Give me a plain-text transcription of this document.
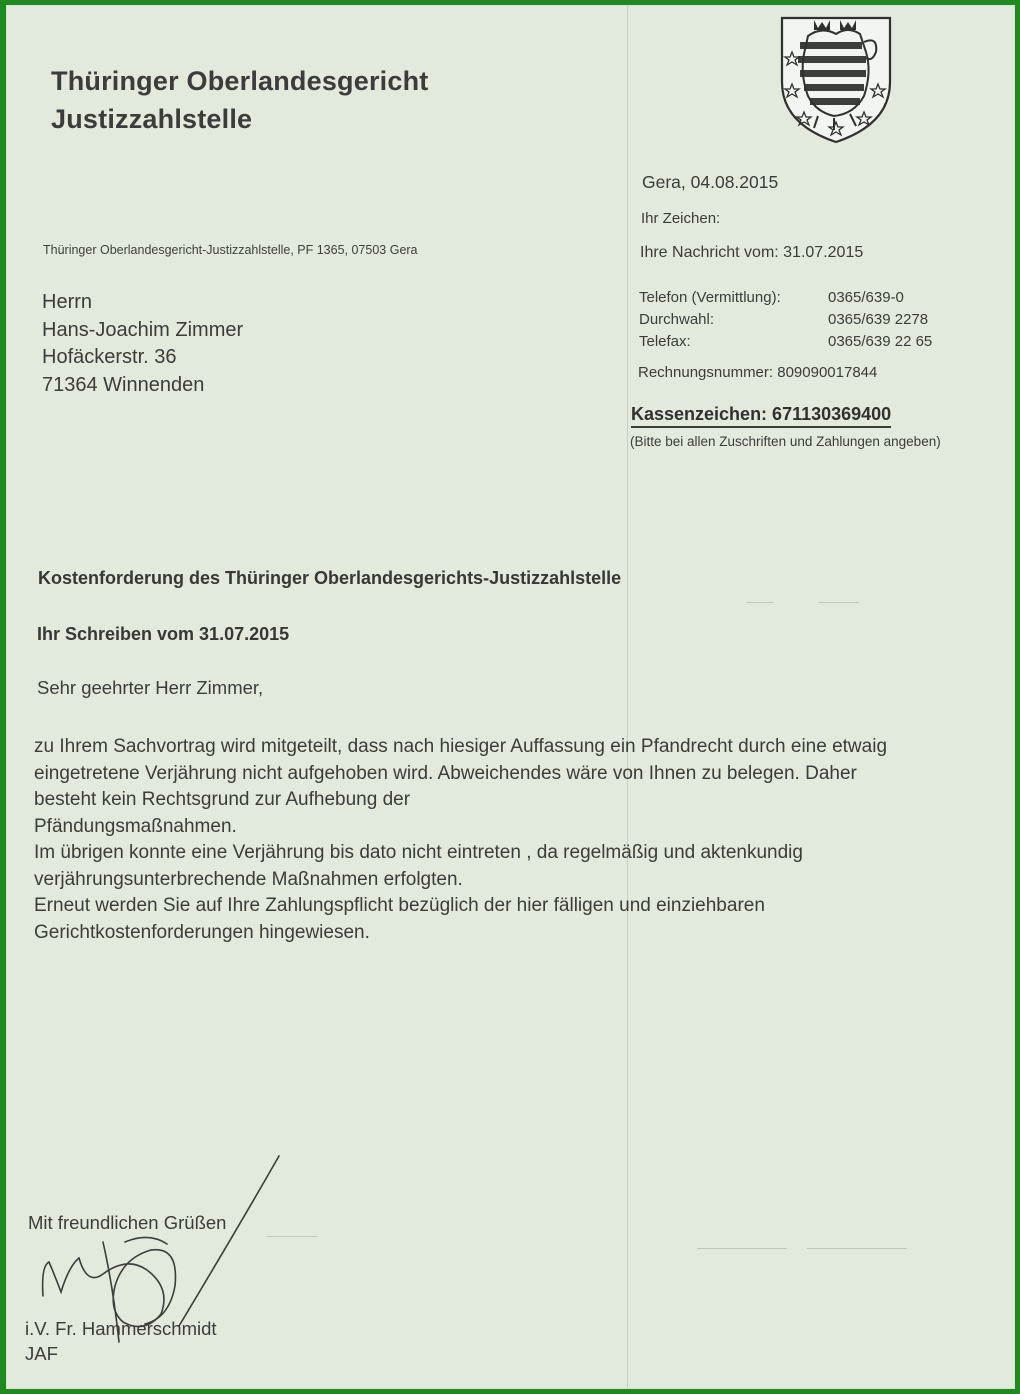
Thüringer Oberlandesgericht
Justizzahlstelle
Thüringer Oberlandesgericht-Justizzahlstelle, PF 1365, 07503 Gera
Herrn
Hans-Joachim Zimmer
Hofäckerstr. 36
71364 Winnenden
Gera, 04.08.2015
Ihr Zeichen:
Ihre Nachricht vom: 31.07.2015
Telefon (Vermittlung):	0365/639-0
Durchwahl:	0365/639 2278
Telefax:	0365/639 22 65
Rechnungsnummer: 809090017844
Kassenzeichen: 671130369400
(Bitte bei allen Zuschriften und Zahlungen angeben)
Kostenforderung des Thüringer Oberlandesgerichts-Justizzahlstelle
Ihr Schreiben vom 31.07.2015
Sehr geehrter Herr Zimmer,

zu Ihrem Sachvortrag wird mitgeteilt, dass nach hiesiger Auffassung ein Pfandrecht durch eine etwaig

eingetretene Verjährung nicht aufgehoben wird. Abweichendes wäre von Ihnen zu belegen. Daher

besteht kein Rechtsgrund zur Aufhebung der

Pfändungsmaßnahmen.

Im übrigen konnte eine Verjährung bis dato nicht eintreten , da regelmäßig und aktenkundig

verjährungsunterbrechende Maßnahmen erfolgten.

Erneut werden Sie auf Ihre Zahlungspflicht bezüglich der hier fälligen und einziehbaren

Gerichtkostenforderungen hingewiesen.

Mit freundlichen Grüßen
i.V. Fr. Hammerschmidt
JAF
